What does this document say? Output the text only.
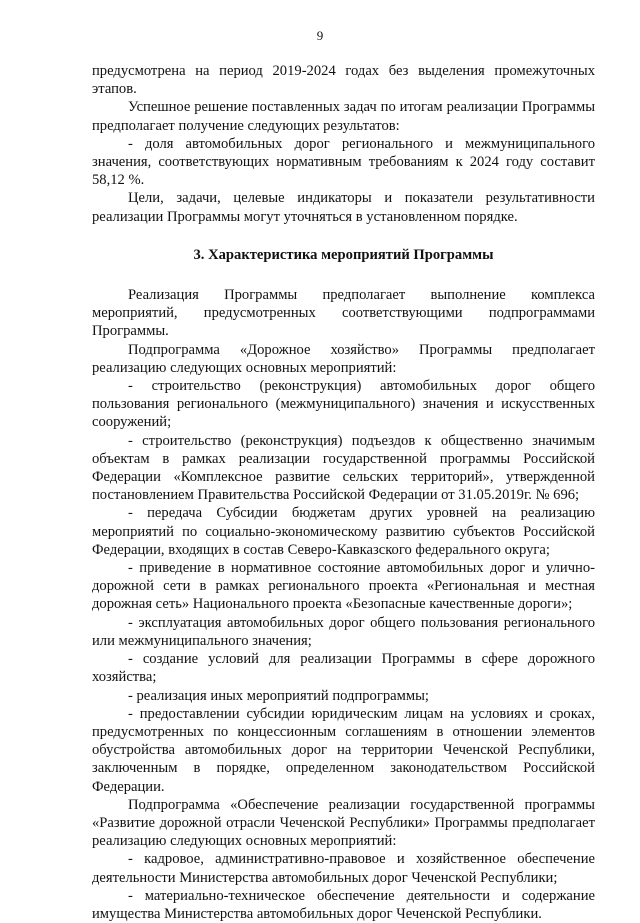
9

предусмотрена на период 2019-2024 годах без выделения промежуточных этапов.

Успешное решение поставленных задач по итогам реализации Программы предполагает получение следующих результатов:

- доля автомобильных дорог регионального и межмуниципального значения, соответствующих нормативным требованиям к 2024 году составит 58,12 %.

Цели, задачи, целевые индикаторы и показатели результативности реализации Программы могут уточняться в установленном порядке.

3. Характеристика мероприятий Программы

Реализация Программы предполагает выполнение комплекса мероприятий, предусмотренных соответствующими подпрограммами Программы.

Подпрограмма «Дорожное хозяйство» Программы предполагает реализацию следующих основных мероприятий:

- строительство (реконструкция) автомобильных дорог общего пользования регионального (межмуниципального) значения и искусственных сооружений;

- строительство (реконструкция) подъездов к общественно значимым объектам в рамках реализации государственной программы Российской Федерации «Комплексное развитие сельских территорий», утвержденной постановлением Правительства Российской Федерации от 31.05.2019г. № 696;

- передача Субсидии бюджетам других уровней на реализацию мероприятий по социально-экономическому развитию субъектов Российской Федерации, входящих в состав Северо-Кавказского федерального округа;

- приведение в нормативное состояние автомобильных дорог и улично-дорожной сети в рамках регионального проекта «Региональная и местная дорожная сеть» Национального проекта «Безопасные качественные дороги»;

- эксплуатация автомобильных дорог общего пользования регионального или межмуниципального значения;

- создание условий для реализации Программы в сфере дорожного хозяйства;

- реализация иных мероприятий подпрограммы;

- предоставлении субсидии юридическим лицам на условиях и сроках, предусмотренных по концессионным соглашениям в отношении элементов обустройства автомобильных дорог на территории Чеченской Республики, заключенным в порядке, определенном законодательством Российской Федерации.

Подпрограмма «Обеспечение реализации государственной программы «Развитие дорожной отрасли Чеченской Республики» Программы предполагает реализацию следующих основных мероприятий:

- кадровое, административно-правовое и хозяйственное обеспечение деятельности Министерства автомобильных дорог Чеченской Республики;

- материально-техническое обеспечение деятельности и содержание имущества Министерства автомобильных дорог Чеченской Республики.
